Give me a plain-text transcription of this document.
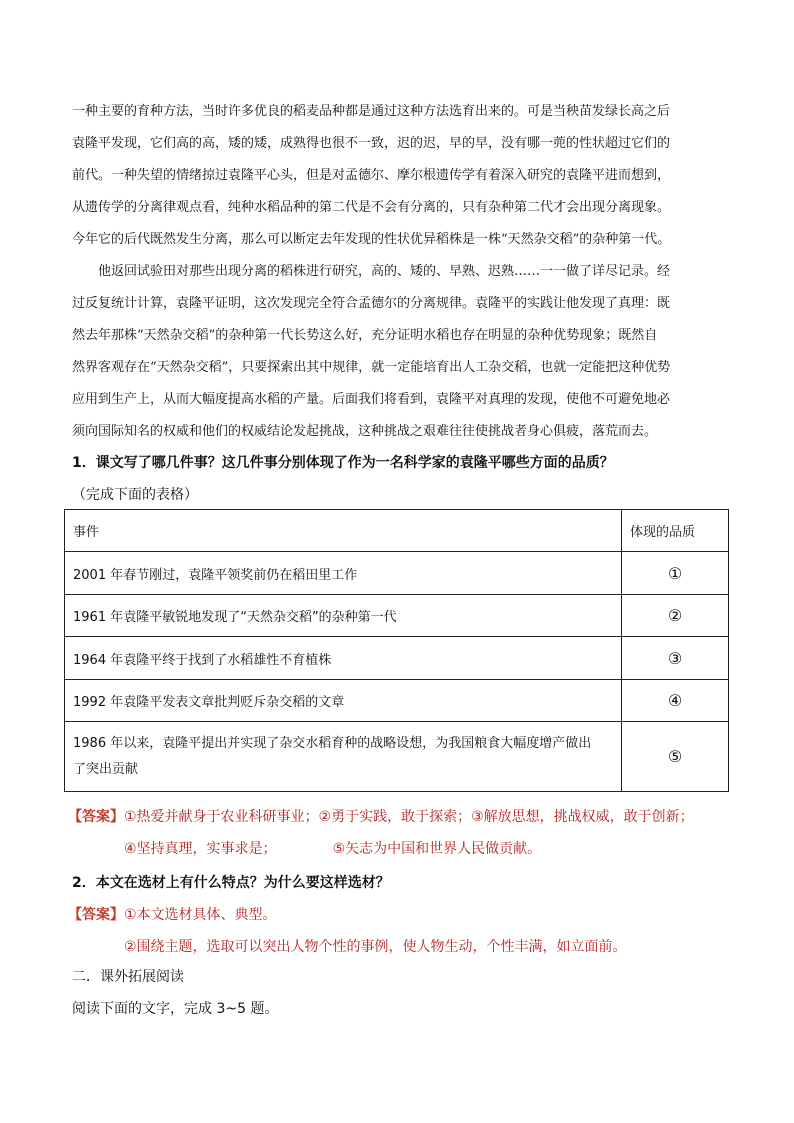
一种主要的育种方法，当时许多优良的稻麦品种都是通过这种方法选育出来的。可是当秧苗发绿长高之后
袁隆平发现，它们高的高，矮的矮，成熟得也很不一致，迟的迟，早的早，没有哪一蔸的性状超过它们的
前代。一种失望的情绪掠过袁隆平心头，但是对孟德尔、摩尔根遗传学有着深入研究的袁隆平进而想到，
从遗传学的分离律观点看，纯种水稻品种的第二代是不会有分离的，只有杂种第二代才会出现分离现象。
今年它的后代既然发生分离，那么可以断定去年发现的性状优异稻株是一株“天然杂交稻”的杂种第一代。
他返回试验田对那些出现分离的稻株进行研究，高的、矮的、早熟、迟熟……一一做了详尽记录。经
过反复统计计算，袁隆平证明，这次发现完全符合孟德尔的分离规律。袁隆平的实践让他发现了真理：既
然去年那株“天然杂交稻”的杂种第一代长势这么好，充分证明水稻也存在明显的杂种优势现象；既然自
然界客观存在“天然杂交稻”，只要探索出其中规律，就一定能培育出人工杂交稻，也就一定能把这种优势
应用到生产上，从而大幅度提高水稻的产量。后面我们将看到，袁隆平对真理的发现，使他不可避免地必
须向国际知名的权威和他们的权威结论发起挑战，这种挑战之艰难往往使挑战者身心俱疲，落荒而去。
1．课文写了哪几件事？这几件事分别体现了作为一名科学家的袁隆平哪些方面的品质？
（完成下面的表格）
事件	体现的品质
2001 年春节刚过，袁隆平领奖前仍在稻田里工作	①
1961 年袁隆平敏锐地发现了“天然杂交稻”的杂种第一代	②
1964 年袁隆平终于找到了水稻雄性不育植株	③
1992 年袁隆平发表文章批判贬斥杂交稻的文章	④

1986 年以来，袁隆平提出并实现了杂交水稻育种的战略设想，为我国粮食大幅度增产做出
了突出贡献	⑤
【答案】①热爱并献身于农业科研事业；②勇于实践，敢于探索；③解放思想，挑战权威，敢于创新；
④坚持真理，实事求是；	⑤矢志为中国和世界人民做贡献。
2．本文在选材上有什么特点？为什么要这样选材？
【答案】①本文选材具体、典型。
②围绕主题，选取可以突出人物个性的事例，使人物生动，个性丰满，如立面前。
二．课外拓展阅读
阅读下面的文字，完成 3~5 题。
